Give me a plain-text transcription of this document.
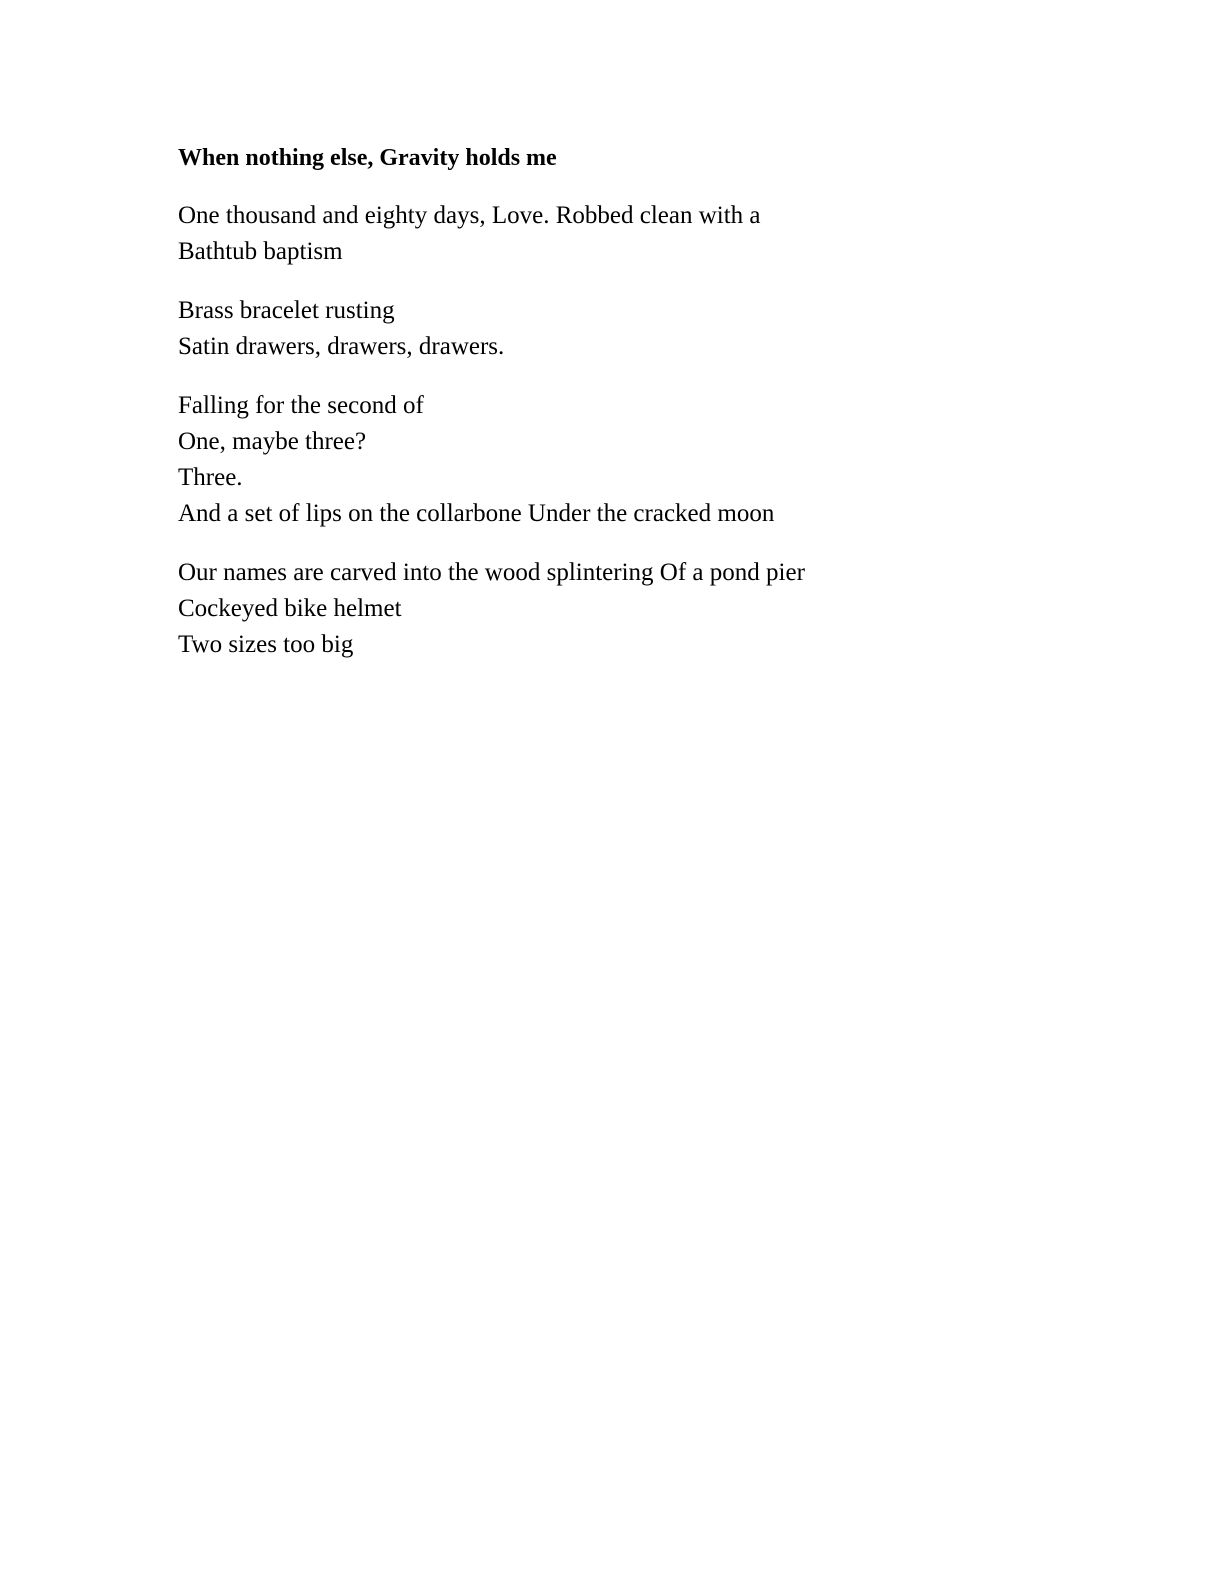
When nothing else, Gravity holds me
One thousand and eighty days, Love. Robbed clean with a
Bathtub baptism
Brass bracelet rusting
Satin drawers, drawers, drawers.
Falling for the second of
One, maybe three?
Three.
And a set of lips on the collarbone Under the cracked moon
Our names are carved into the wood splintering Of a pond pier
Cockeyed bike helmet
Two sizes too big
